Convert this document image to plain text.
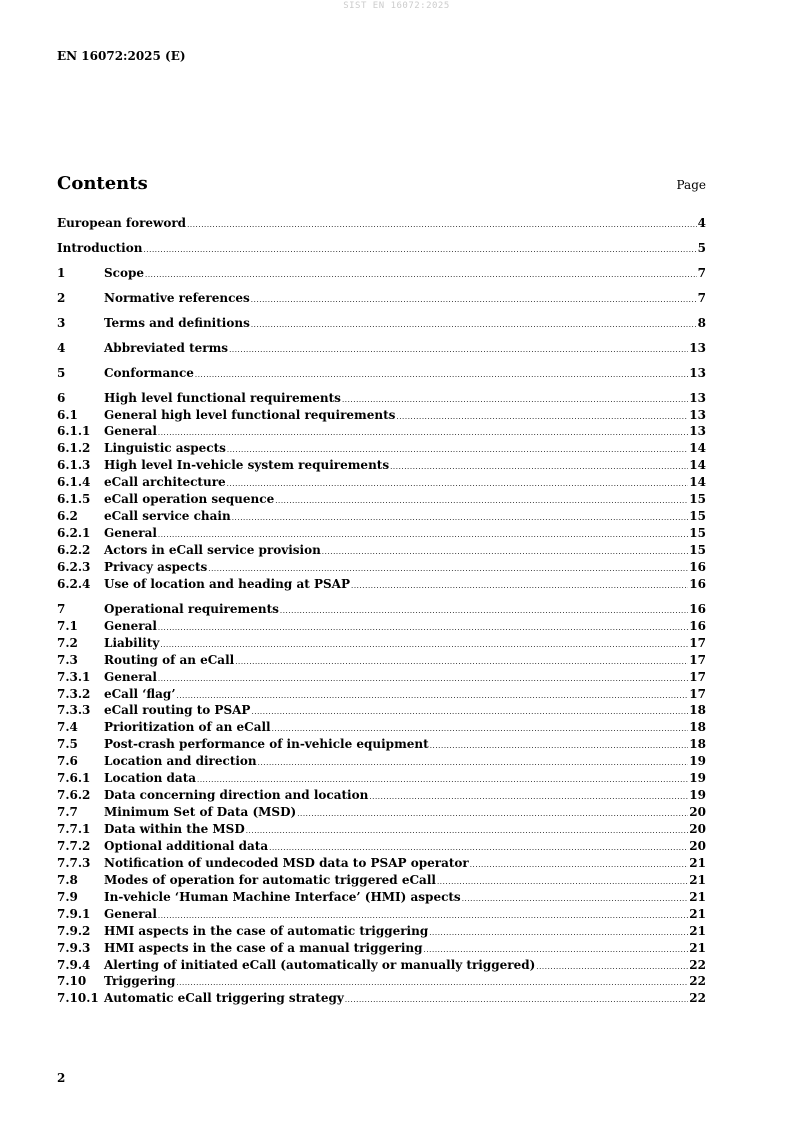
SIST EN 16072:2025
EN 16072:2025 (E)
Contents	Page
European foreword .....	4
Introduction .....	5
1	Scope .....	7
2	Normative references .....	7
3	Terms and definitions .....	8
4	Abbreviated terms .....	13
5	Conformance .....	13
6	High level functional requirements .....	13
6.1	General high level functional requirements .....	13
6.1.1	General .....	13
6.1.2	Linguistic aspects .....	14
6.1.3	High level In-vehicle system requirements .....	14
6.1.4	eCall architecture .....	14
6.1.5	eCall operation sequence .....	15
6.2	eCall service chain .....	15
6.2.1	General .....	15
6.2.2	Actors in eCall service provision .....	15
6.2.3	Privacy aspects .....	16
6.2.4	Use of location and heading at PSAP .....	16
7	Operational requirements .....	16
7.1	General .....	16
7.2	Liability .....	17
7.3	Routing of an eCall .....	17
7.3.1	General .....	17
7.3.2	eCall ‘flag’ .....	17
7.3.3	eCall routing to PSAP .....	18
7.4	Prioritization of an eCall .....	18
7.5	Post-crash performance of in-vehicle equipment .....	18
7.6	Location and direction .....	19
7.6.1	Location data .....	19
7.6.2	Data concerning direction and location .....	19
7.7	Minimum Set of Data (MSD) .....	20
7.7.1	Data within the MSD .....	20
7.7.2	Optional additional data .....	20
7.7.3	Notification of undecoded MSD data to PSAP operator .....	21
7.8	Modes of operation for automatic triggered eCall .....	21
7.9	In-vehicle ‘Human Machine Interface’ (HMI) aspects .....	21
7.9.1	General .....	21
7.9.2	HMI aspects in the case of automatic triggering .....	21
7.9.3	HMI aspects in the case of a manual triggering .....	21
7.9.4	Alerting of initiated eCall (automatically or manually triggered) .....	22
7.10	Triggering .....	22
7.10.1 Automatic eCall triggering strategy .....	22
2
